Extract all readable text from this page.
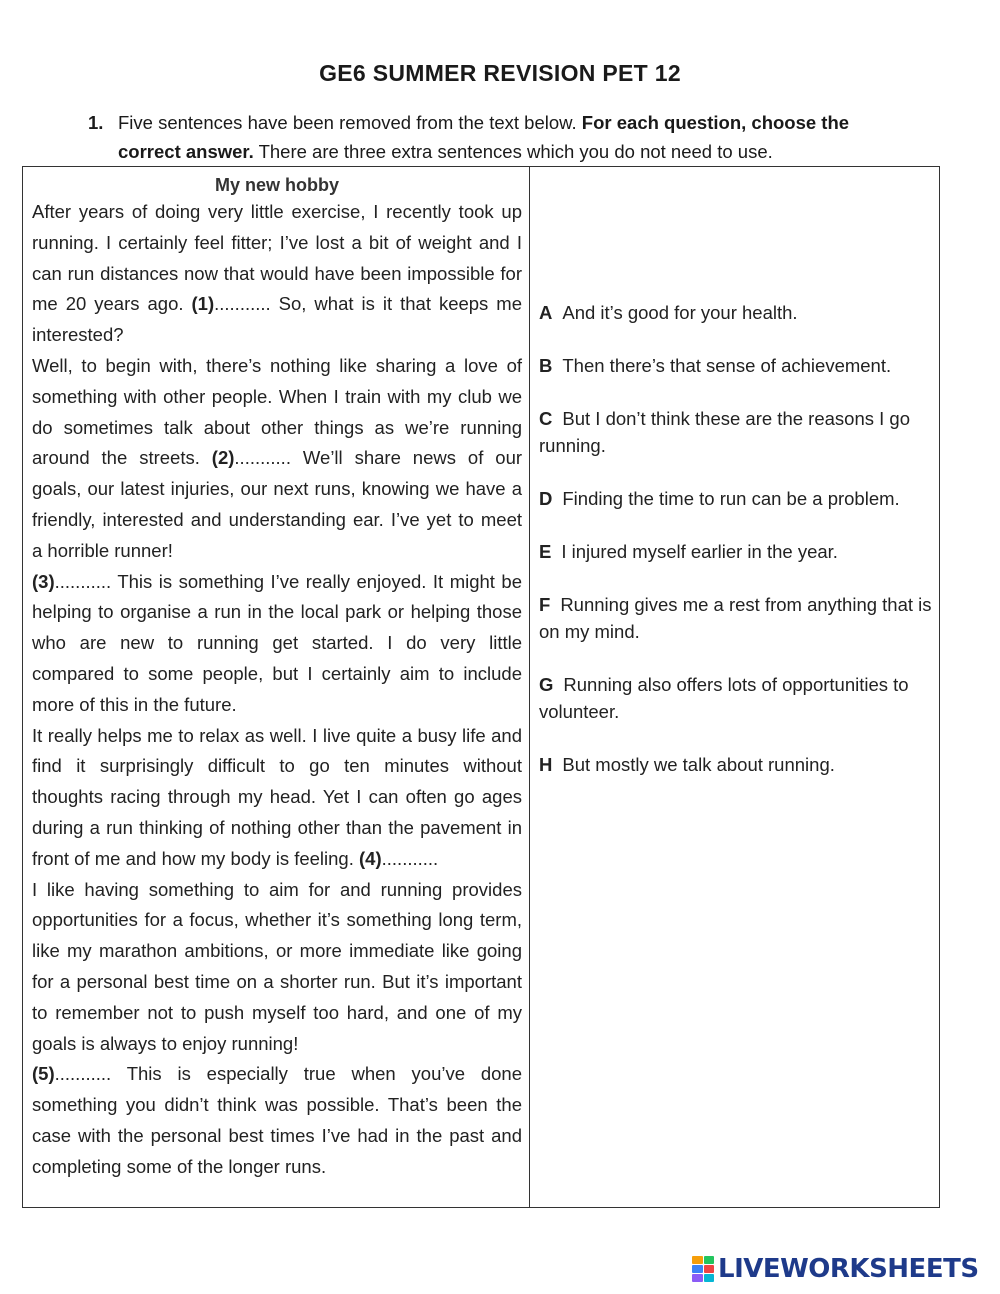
GE6 SUMMER REVISION PET 12
1. Five sentences have been removed from the text below. For each question, choose the correct answer. There are three extra sentences which you do not need to use.
My new hobby

After years of doing very little exercise, I recently took up running. I certainly feel fitter; I’ve lost a bit of weight and I can run distances now that would have been impossible for me 20 years ago. (1)........... So, what is it that keeps me interested?

Well, to begin with, there’s nothing like sharing a love of something with other people. When I train with my club we do sometimes talk about other things as we’re running around the streets. (2)........... We’ll share news of our goals, our latest injuries, our next runs, knowing we have a friendly, interested and understanding ear. I’ve yet to meet a horrible runner!

(3)........... This is something I’ve really enjoyed. It might be helping to organise a run in the local park or helping those who are new to running get started. I do very little compared to some people, but I certainly aim to include more of this in the future.

It really helps me to relax as well. I live quite a busy life and find it surprisingly difficult to go ten minutes without thoughts racing through my head. Yet I can often go ages during a run thinking of nothing other than the pavement in front of me and how my body is feeling. (4)...........

I like having something to aim for and running provides opportunities for a focus, whether it’s something long term, like my marathon ambitions, or more immediate like going for a personal best time on a shorter run. But it’s important to remember not to push myself too hard, and one of my goals is always to enjoy running!

(5)........... This is especially true when you’ve done something you didn’t think was possible. That’s been the case with the personal best times I’ve had in the past and completing some of the longer runs.

A And it’s good for your health.
B Then there’s that sense of achievement.
C But I don’t think these are the reasons I go running.
D Finding the time to run can be a problem.
E I injured myself earlier in the year.
F Running gives me a rest from anything that is on my mind.
G Running also offers lots of opportunities to volunteer.
H But mostly we talk about running.
LIVEWORKSHEETS
